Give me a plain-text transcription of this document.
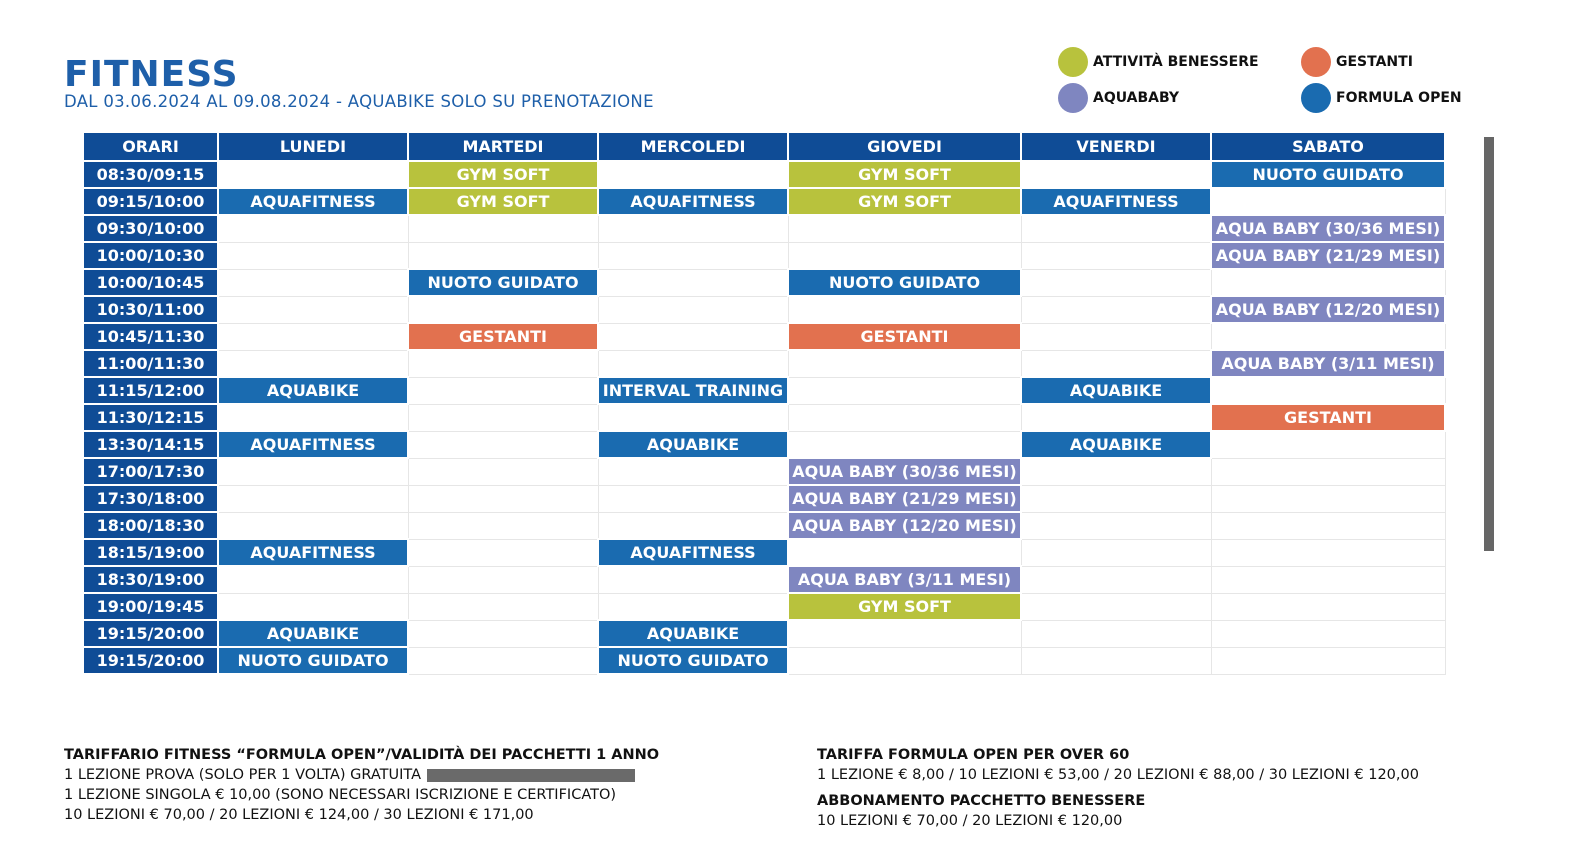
FITNESS
DAL 03.06.2024 AL 09.08.2024 - AQUABIKE SOLO SU PRENOTAZIONE
ATTIVITÀ BENESSERE	GESTANTI
AQUABABY	FORMULA OPEN
ORARI	LUNEDI	MARTEDI	MERCOLEDI	GIOVEDI	VENERDI	SABATO
08:30/09:15		GYM SOFT		GYM SOFT		NUOTO GUIDATO
09:15/10:00	AQUAFITNESS	GYM SOFT	AQUAFITNESS	GYM SOFT	AQUAFITNESS	
09:30/10:00						AQUA BABY (30/36 MESI)
10:00/10:30						AQUA BABY (21/29 MESI)
10:00/10:45		NUOTO GUIDATO		NUOTO GUIDATO		
10:30/11:00						AQUA BABY (12/20 MESI)
10:45/11:30		GESTANTI		GESTANTI		
11:00/11:30						AQUA BABY (3/11 MESI)
11:15/12:00	AQUABIKE		INTERVAL TRAINING		AQUABIKE	
11:30/12:15						GESTANTI
13:30/14:15	AQUAFITNESS		AQUABIKE		AQUABIKE	
17:00/17:30				AQUA BABY (30/36 MESI)		
17:30/18:00				AQUA BABY (21/29 MESI)		
18:00/18:30				AQUA BABY (12/20 MESI)		
18:15/19:00	AQUAFITNESS		AQUAFITNESS			
18:30/19:00				AQUA BABY (3/11 MESI)		
19:00/19:45				GYM SOFT		
19:15/20:00	AQUABIKE		AQUABIKE			
19:15/20:00	NUOTO GUIDATO		NUOTO GUIDATO			
TARIFFARIO FITNESS “FORMULA OPEN”/VALIDITÀ DEI PACCHETTI 1 ANNO
1 LEZIONE PROVA (SOLO PER 1 VOLTA) GRATUITA
1 LEZIONE SINGOLA € 10,00 (SONO NECESSARI ISCRIZIONE E CERTIFICATO)
10 LEZIONI € 70,00 / 20 LEZIONI € 124,00 / 30 LEZIONI € 171,00
TARIFFA FORMULA OPEN PER OVER 60
1 LEZIONE € 8,00 / 10 LEZIONI € 53,00 / 20 LEZIONI € 88,00 / 30 LEZIONI € 120,00
ABBONAMENTO PACCHETTO BENESSERE
10 LEZIONI € 70,00 / 20 LEZIONI € 120,00
